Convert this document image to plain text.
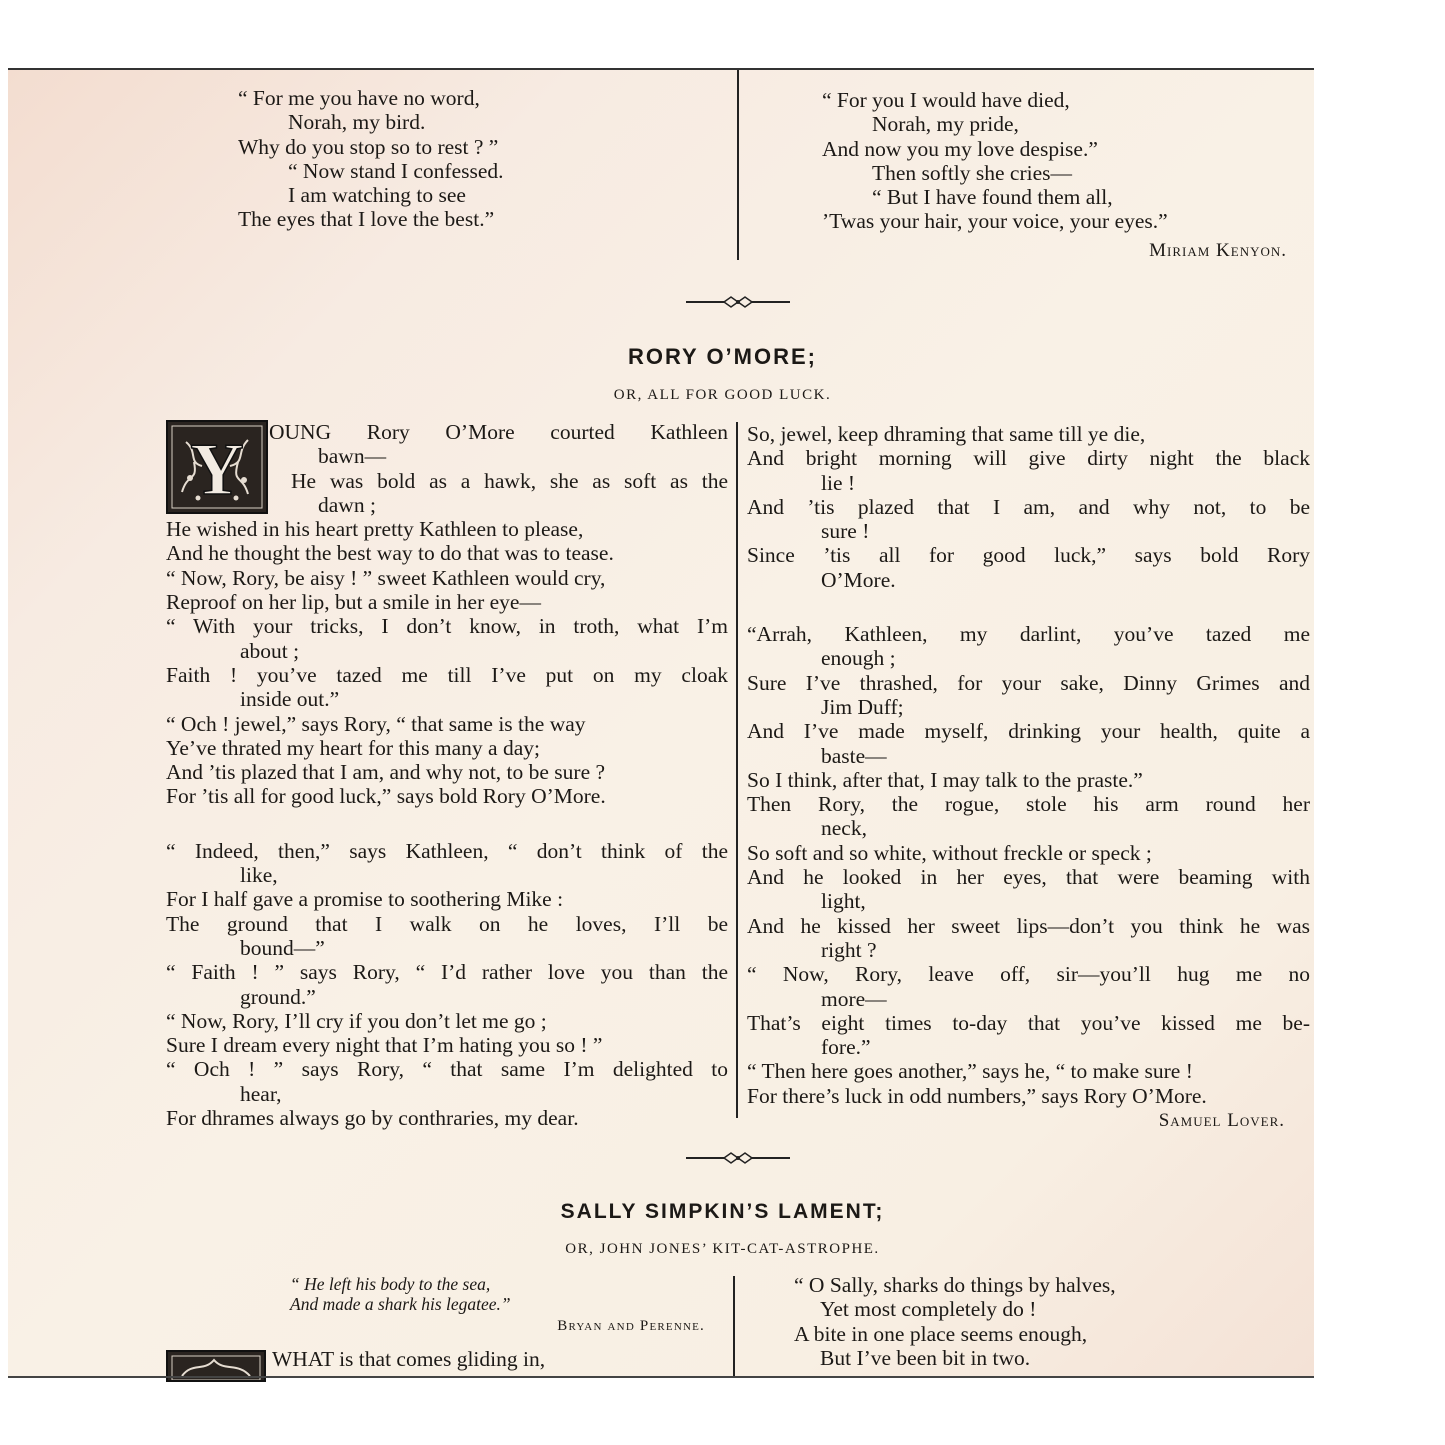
“ For me you have no word,
Norah, my bird.
Why do you stop so to rest ? ”
“ Now stand I confessed.
I am watching to see
The eyes that I love the best.”
“ For you I would have died,
Norah, my pride,
And now you my love despise.”
Then softly she cries—
“ But I have found them all,
’Twas your hair, your voice, your eyes.”
Miriam Kenyon.
RORY O’MORE;
OR, ALL FOR GOOD LUCK.
Y OUNG Rory O’More courted Kathleen
bawn—
He was bold as a hawk, she as soft as the
dawn ;
He wished in his heart pretty Kathleen to please,
And he thought the best way to do that was to tease.
“ Now, Rory, be aisy ! ” sweet Kathleen would cry,
Reproof on her lip, but a smile in her eye—
“ With your tricks, I don’t know, in troth, what I’m
about ;
Faith ! you’ve tazed me till I’ve put on my cloak
inside out.”
“ Och ! jewel,” says Rory, “ that same is the way
Ye’ve thrated my heart for this many a day;
And ’tis plazed that I am, and why not, to be sure ?
For ’tis all for good luck,” says bold Rory O’More.
“ Indeed, then,” says Kathleen, “ don’t think of the
like,
For I half gave a promise to soothering Mike :
The ground that I walk on he loves, I’ll be
bound—”
“ Faith ! ” says Rory, “ I’d rather love you than the
ground.”
“ Now, Rory, I’ll cry if you don’t let me go ;
Sure I dream every night that I’m hating you so ! ”
“ Och ! ” says Rory, “ that same I’m delighted to
hear,
For dhrames always go by conthraries, my dear.
So, jewel, keep dhraming that same till ye die,
And bright morning will give dirty night the black
lie !
And ’tis plazed that I am, and why not, to be
sure !
Since ’tis all for good luck,” says bold Rory
O’More.
“Arrah, Kathleen, my darlint, you’ve tazed me
enough ;
Sure I’ve thrashed, for your sake, Dinny Grimes and
Jim Duff;
And I’ve made myself, drinking your health, quite a
baste—
So I think, after that, I may talk to the praste.”
Then Rory, the rogue, stole his arm round her
neck,
So soft and so white, without freckle or speck ;
And he looked in her eyes, that were beaming with
light,
And he kissed her sweet lips—don’t you think he was
right ?
“ Now, Rory, leave off, sir—you’ll hug me no
more—
That’s eight times to-day that you’ve kissed me be-
fore.”
“ Then here goes another,” says he, “ to make sure !
For there’s luck in odd numbers,” says Rory O’More.
Samuel Lover.
SALLY SIMPKIN’S LAMENT;
OR, JOHN JONES’ KIT-CAT-ASTROPHE.
“ He left his body to the sea,
And made a shark his legatee.”
Bryan and Perenne.
WHAT is that comes gliding in,
“ O Sally, sharks do things by halves,
Yet most completely do !
A bite in one place seems enough,
But I’ve been bit in two.
